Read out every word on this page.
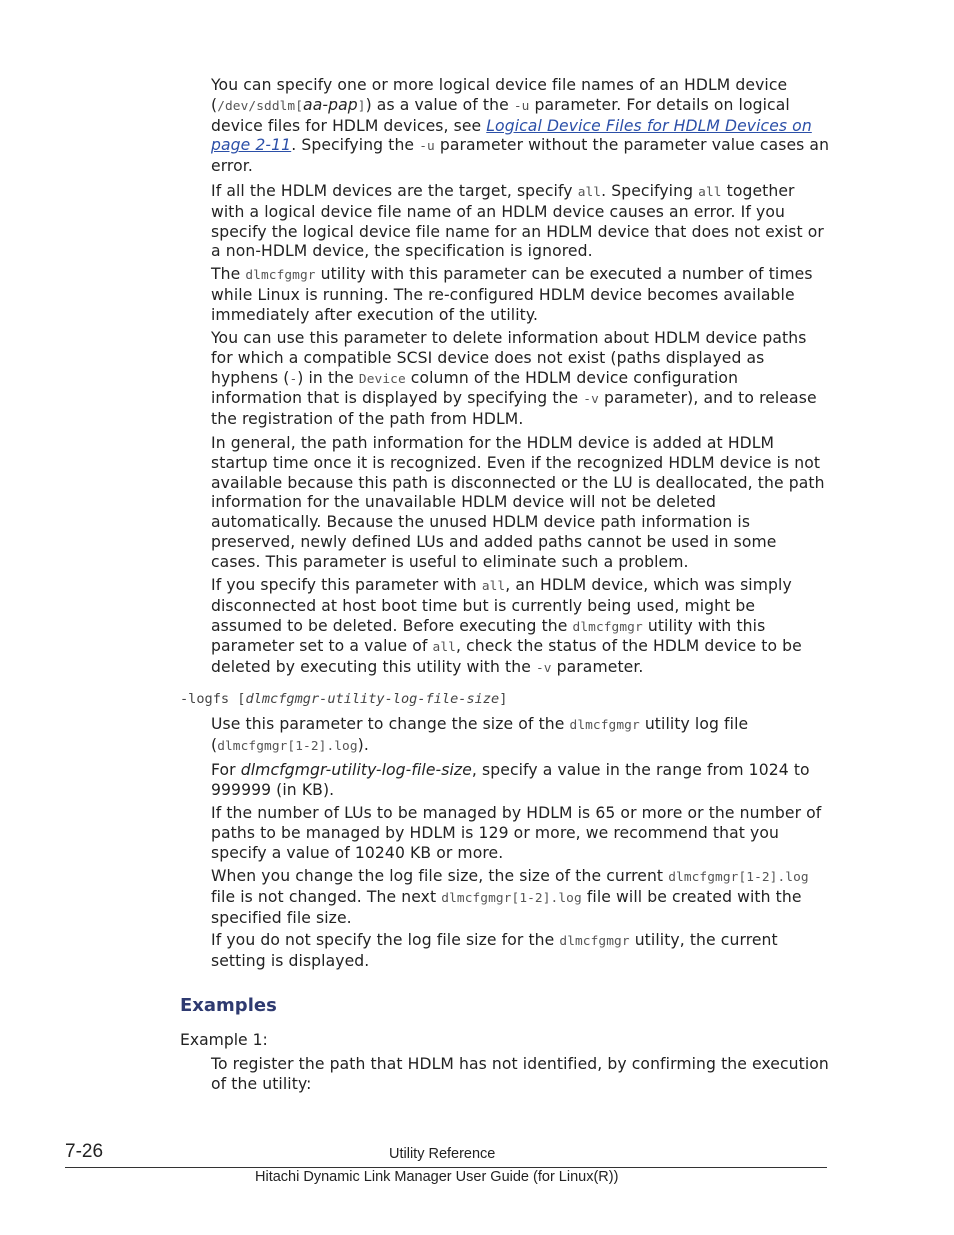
You can specify one or more logical device file names of an HDLM device (/dev/sddlm[aa-pap]) as a value of the -u parameter. For details on logical device files for HDLM devices, see Logical Device Files for HDLM Devices on page 2-11. Specifying the -u parameter without the parameter value cases an error.

If all the HDLM devices are the target, specify all. Specifying all together with a logical device file name of an HDLM device causes an error. If you specify the logical device file name for an HDLM device that does not exist or a non-HDLM device, the specification is ignored.

The dlmcfgmgr utility with this parameter can be executed a number of times while Linux is running. The re-configured HDLM device becomes available immediately after execution of the utility.

You can use this parameter to delete information about HDLM device paths for which a compatible SCSI device does not exist (paths displayed as hyphens (-) in the Device column of the HDLM device configuration information that is displayed by specifying the -v parameter), and to release the registration of the path from HDLM.

In general, the path information for the HDLM device is added at HDLM startup time once it is recognized. Even if the recognized HDLM device is not available because this path is disconnected or the LU is deallocated, the path information for the unavailable HDLM device will not be deleted automatically. Because the unused HDLM device path information is preserved, newly defined LUs and added paths cannot be used in some cases. This parameter is useful to eliminate such a problem.

If you specify this parameter with all, an HDLM device, which was simply disconnected at host boot time but is currently being used, might be assumed to be deleted. Before executing the dlmcfgmgr utility with this parameter set to a value of all, check the status of the HDLM device to be deleted by executing this utility with the -v parameter.

-logfs [dlmcfgmgr-utility-log-file-size]

Use this parameter to change the size of the dlmcfgmgr utility log file (dlmcfgmgr[1-2].log).

For dlmcfgmgr-utility-log-file-size, specify a value in the range from 1024 to 999999 (in KB).

If the number of LUs to be managed by HDLM is 65 or more or the number of paths to be managed by HDLM is 129 or more, we recommend that you specify a value of 10240 KB or more.

When you change the log file size, the size of the current dlmcfgmgr[1-2].log file is not changed. The next dlmcfgmgr[1-2].log file will be created with the specified file size.

If you do not specify the log file size for the dlmcfgmgr utility, the current setting is displayed.

Examples
Example 1:

To register the path that HDLM has not identified, by confirming the execution of the utility:

7-26	Utility Reference
Hitachi Dynamic Link Manager User Guide (for Linux(R))
